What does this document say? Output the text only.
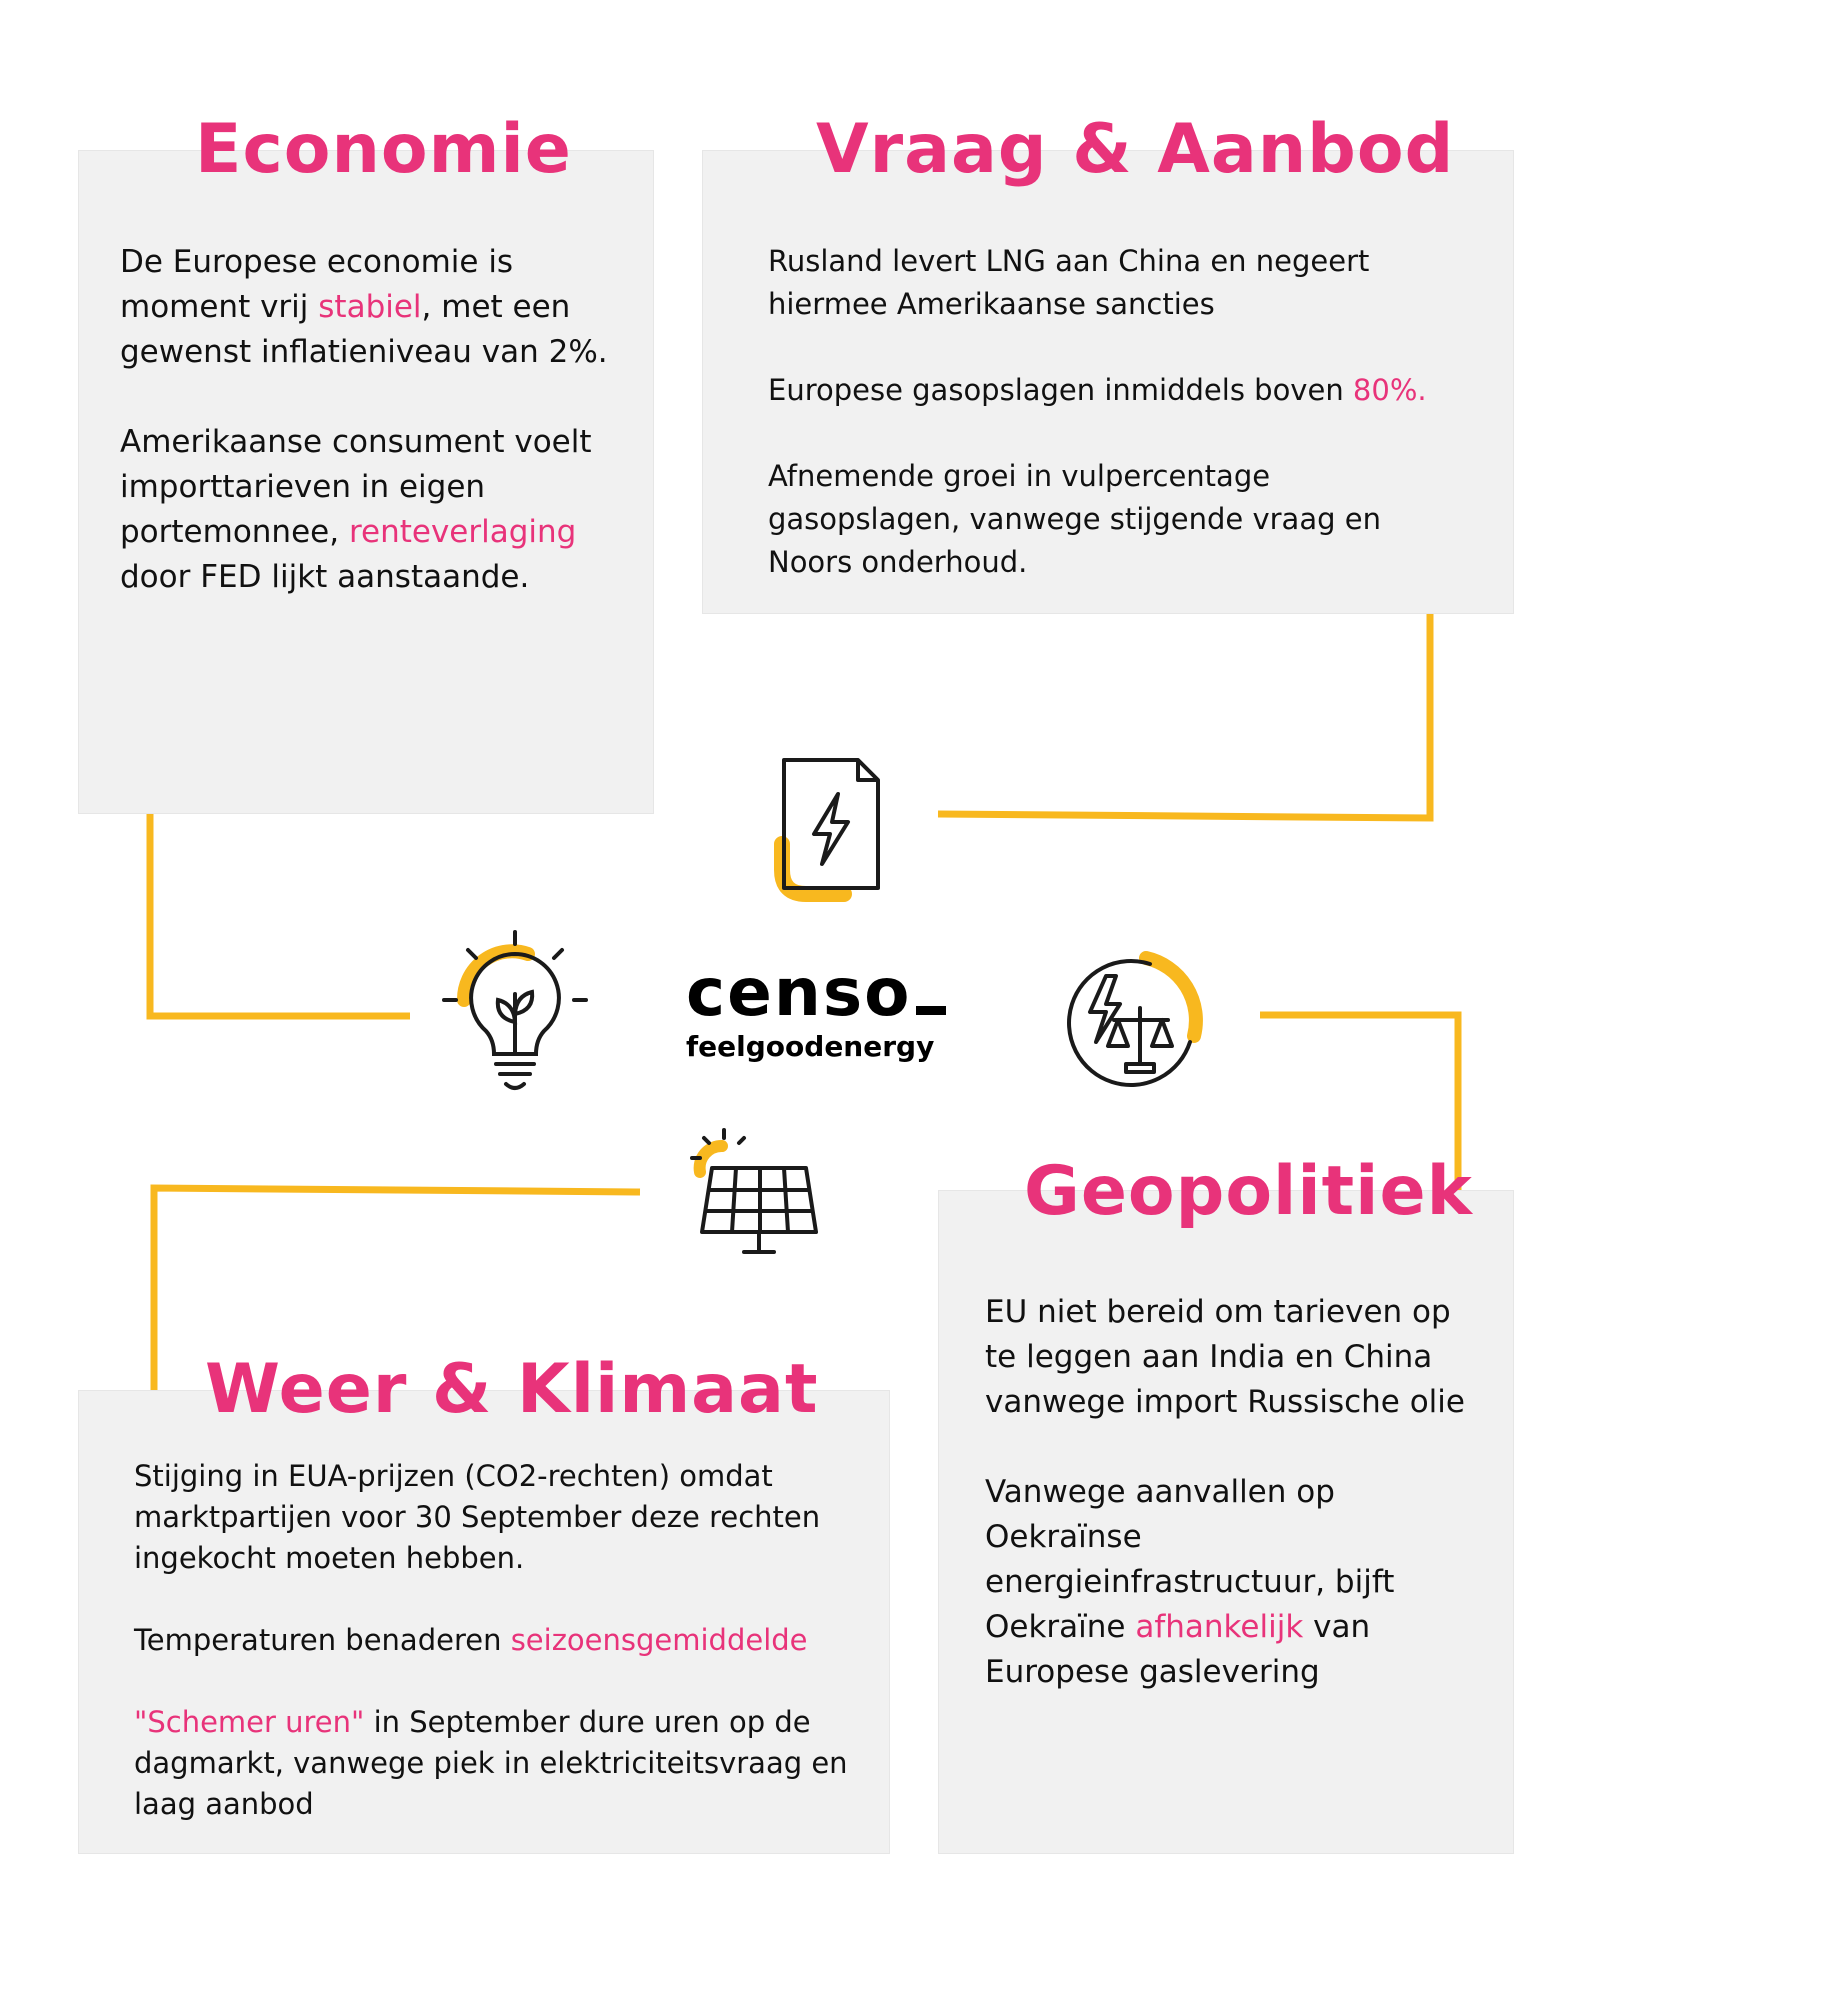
Economie

De Europese economie is moment vrij stabiel, met een gewenst inflatieniveau van 2%.

Amerikaanse consument voelt importtarieven in eigen portemonnee, renteverlaging door FED lijkt aanstaande.

Vraag & Aanbod

Rusland levert LNG aan China en negeert hiermee Amerikaanse sancties

Europese gasopslagen inmiddels boven 80%.

Afnemende groei in vulpercentage gasopslagen, vanwege stijgende vraag en Noors onderhoud.

Geopolitiek

EU niet bereid om tarieven op te leggen aan India en China vanwege import Russische olie

Vanwege aanvallen op Oekraïnse energieinfrastructuur, bijft Oekraïne afhankelijk van Europese gaslevering

Weer & Klimaat

Stijging in EUA-prijzen (CO2-rechten) omdat marktpartijen voor 30 September deze rechten ingekocht moeten hebben.

Temperaturen benaderen seizoensgemiddelde

"Schemer uren" in September dure uren op de dagmarkt, vanwege piek in elektriciteitsvraag en laag aanbod

censo
feelgoodenergy
